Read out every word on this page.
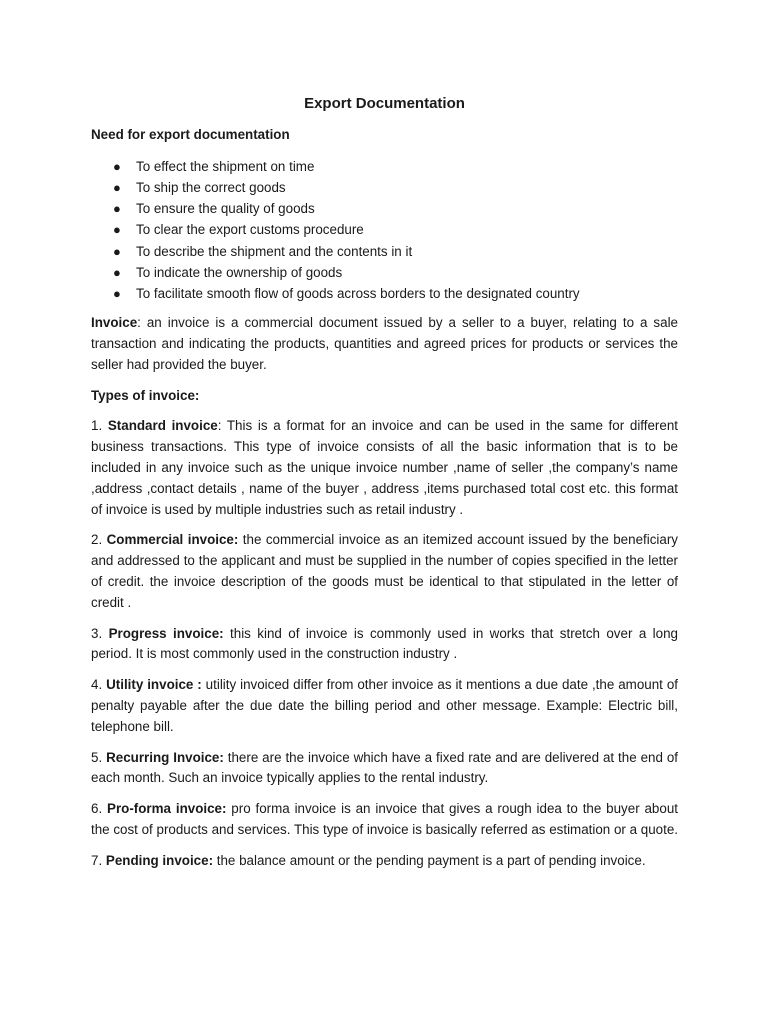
Export Documentation
Need for export documentation
● To effect the shipment on time
● To ship the correct goods
● To ensure the quality of goods
● To clear the export customs procedure
● To describe the shipment and the contents in it
● To indicate the ownership of goods
● To facilitate smooth flow of goods across borders to the designated country

Invoice: an invoice is a commercial document issued by a seller to a buyer, relating to a sale transaction and indicating the products, quantities and agreed prices for products or services the seller had provided the buyer.

Types of invoice:

1. Standard invoice: This is a format for an invoice and can be used in the same for different business transactions. This type of invoice consists of all the basic information that is to be included in any invoice such as the unique invoice number ,name of seller ,the company’s name ,address ,contact details , name of the buyer , address ,items purchased total cost etc. this format of invoice is used by multiple industries such as retail industry .

2. Commercial invoice: the commercial invoice as an itemized account issued by the beneficiary and addressed to the applicant and must be supplied in the number of copies specified in the letter of credit. the invoice description of the goods must be identical to that stipulated in the letter of credit .

3. Progress invoice: this kind of invoice is commonly used in works that stretch over a long period. It is most commonly used in the construction industry .

4. Utility invoice : utility invoiced differ from other invoice as it mentions a due date ,the amount of penalty payable after the due date the billing period and other message. Example: Electric bill, telephone bill.

5. Recurring Invoice: there are the invoice which have a fixed rate and are delivered at the end of each month. Such an invoice typically applies to the rental industry.

6. Pro-forma invoice: pro forma invoice is an invoice that gives a rough idea to the buyer about the cost of products and services. This type of invoice is basically referred as estimation or a quote.

7. Pending invoice: the balance amount or the pending payment is a part of pending invoice.
